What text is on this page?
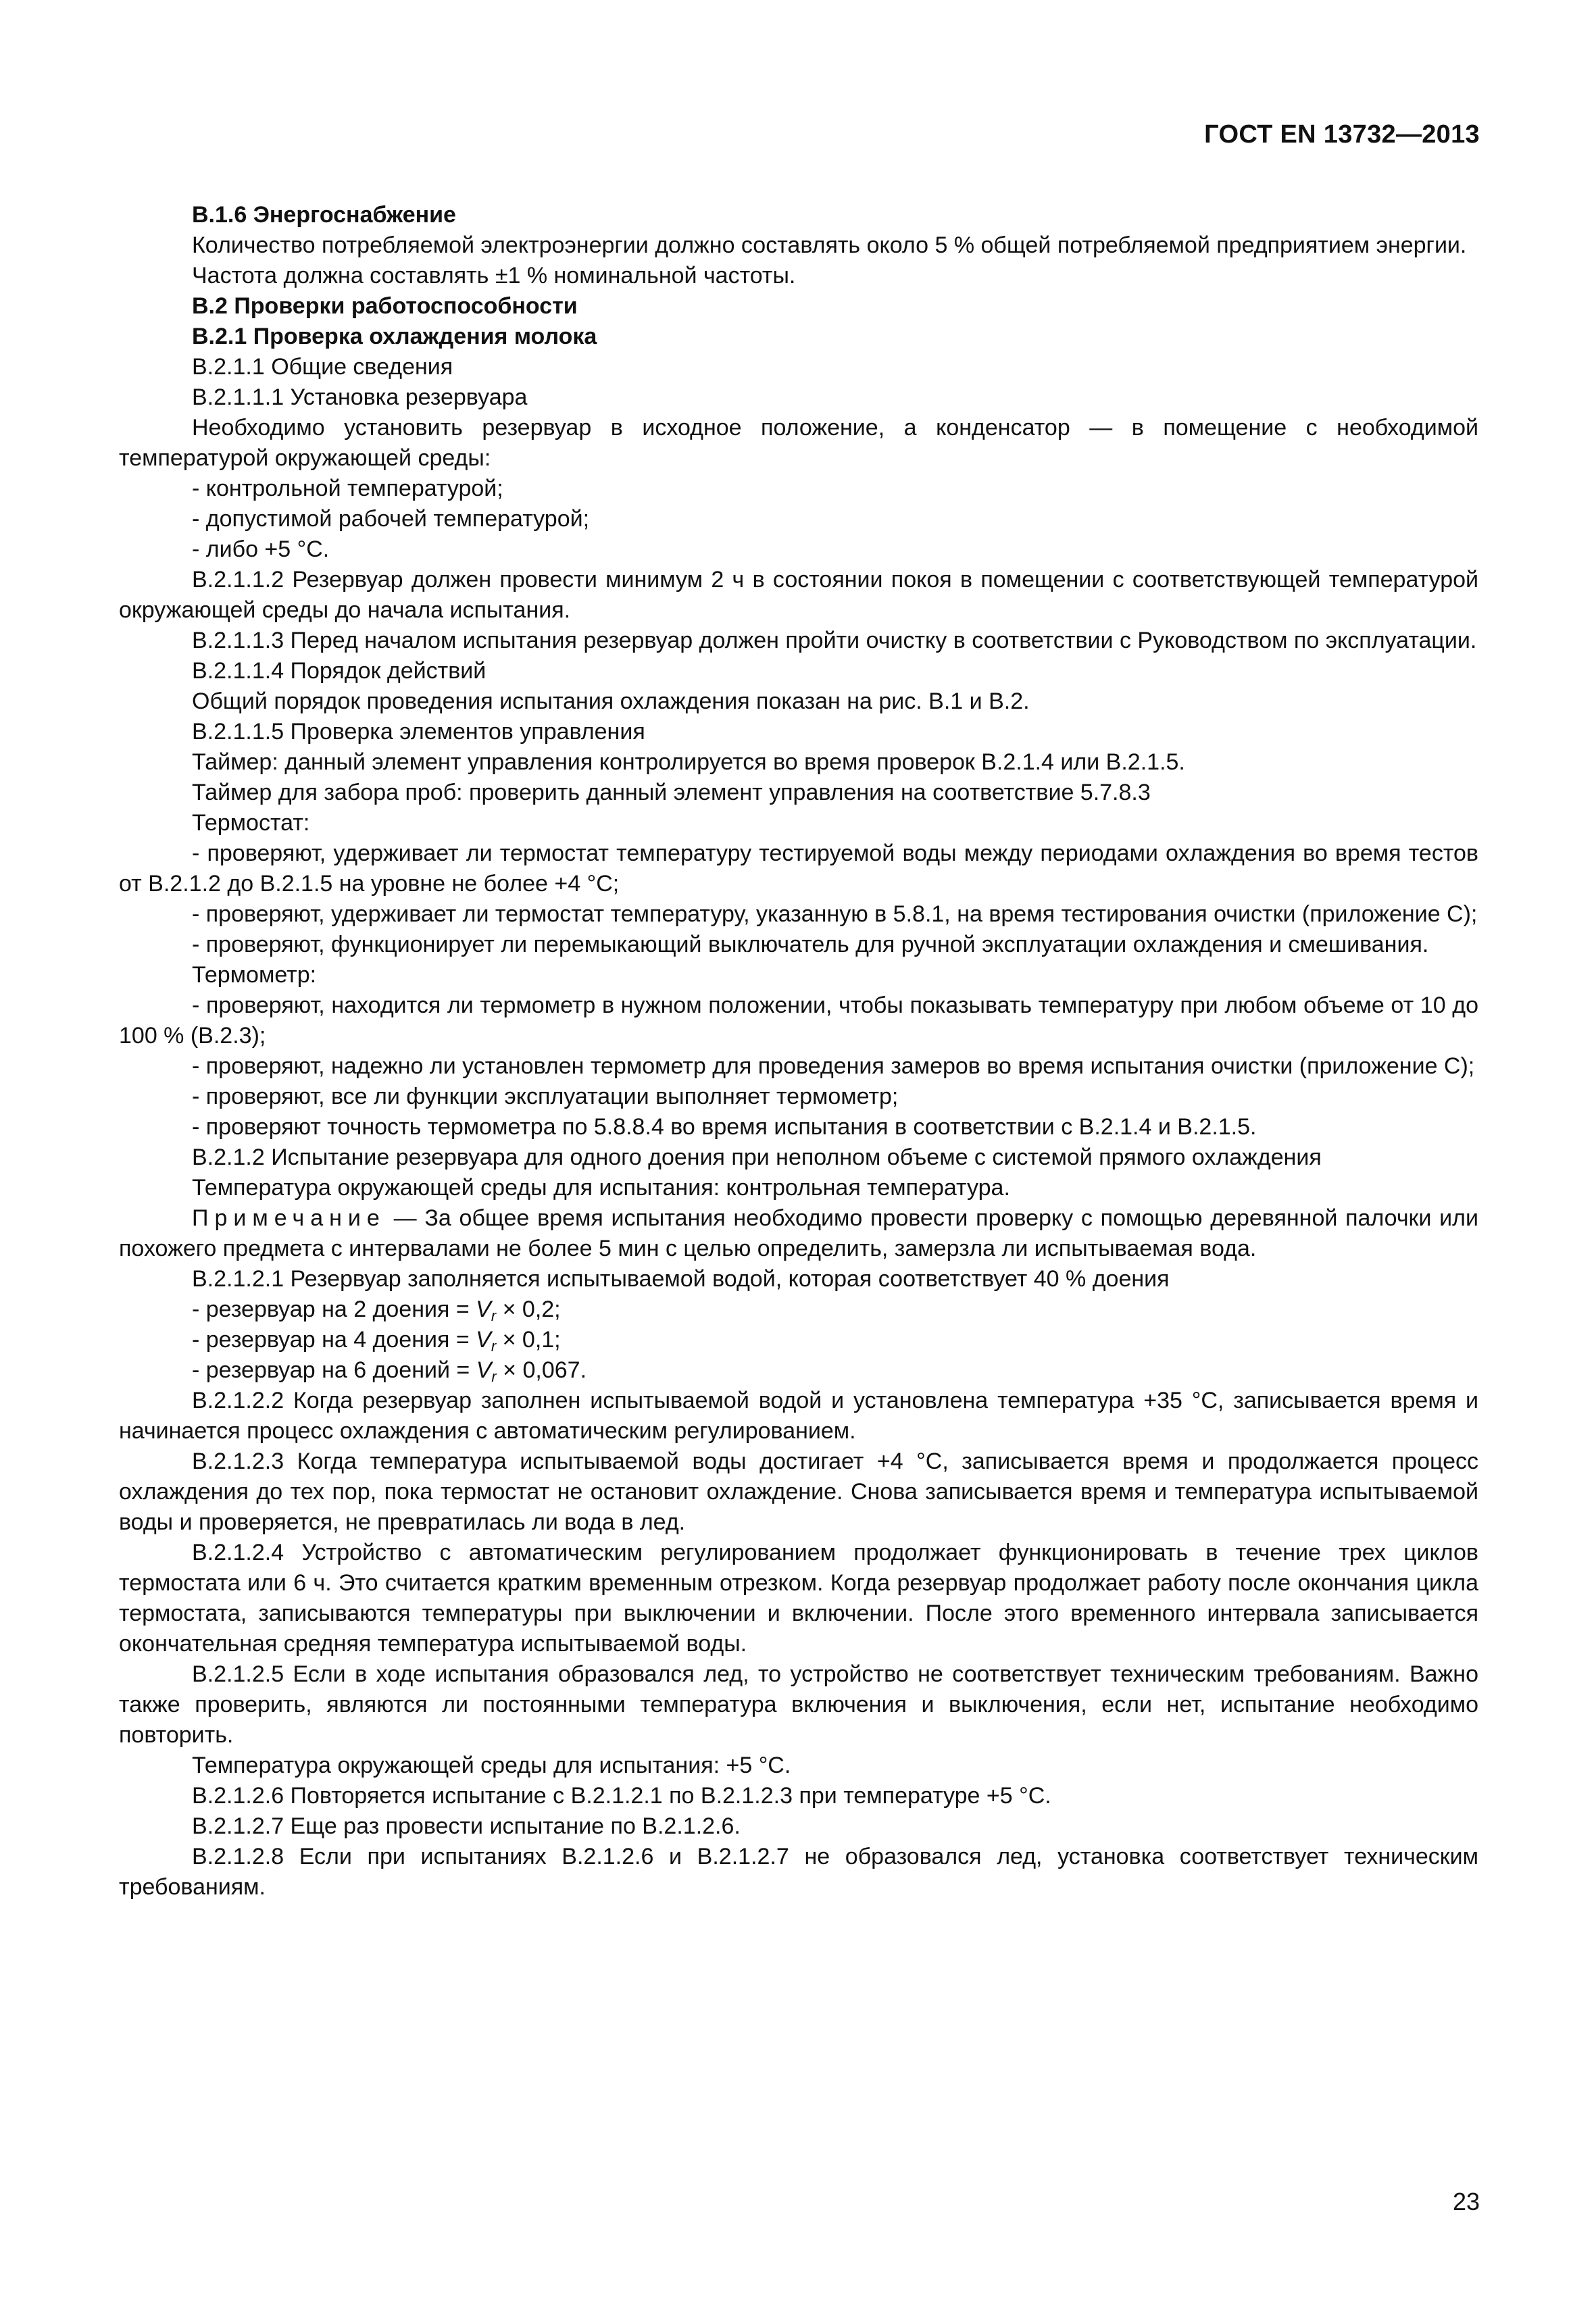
ГОСТ EN 13732—2013

В.1.6 Энергоснабжение

Количество потребляемой электроэнергии должно составлять около 5 % общей потребляемой предприятием энергии.

Частота должна составлять ±1 % номинальной частоты.

В.2 Проверки работоспособности

В.2.1 Проверка охлаждения молока

В.2.1.1 Общие сведения

В.2.1.1.1 Установка резервуара

Необходимо установить резервуар в исходное положение, а конденсатор — в помещение с необходимой температурой окружающей среды:

- контрольной температурой;

- допустимой рабочей температурой;

- либо +5 °С.

В.2.1.1.2 Резервуар должен провести минимум 2 ч в состоянии покоя в помещении с соответствующей температурой окружающей среды до начала испытания.

В.2.1.1.3 Перед началом испытания резервуар должен пройти очистку в соответствии с Руководством по эксплуатации.

В.2.1.1.4 Порядок действий

Общий порядок проведения испытания охлаждения показан на рис. В.1 и В.2.

В.2.1.1.5 Проверка элементов управления

Таймер: данный элемент управления контролируется во время проверок В.2.1.4 или В.2.1.5.

Таймер для забора проб: проверить данный элемент управления на соответствие 5.7.8.3

Термостат:

- проверяют, удерживает ли термостат температуру тестируемой воды между периодами охлаждения во время тестов от В.2.1.2 до В.2.1.5 на уровне не более +4 °С;

- проверяют, удерживает ли термостат температуру, указанную в 5.8.1, на время тестирования очистки (приложение С);

- проверяют, функционирует ли перемыкающий выключатель для ручной эксплуатации охлаждения и смешивания.

Термометр:

- проверяют, находится ли термометр в нужном положении, чтобы показывать температуру при любом объеме от 10 до 100 % (В.2.3);

- проверяют, надежно ли установлен термометр для проведения замеров во время испытания очистки (приложение С);

- проверяют, все ли функции эксплуатации выполняет термометр;

- проверяют точность термометра по 5.8.8.4 во время испытания в соответствии с В.2.1.4 и В.2.1.5.

В.2.1.2 Испытание резервуара для одного доения при неполном объеме с системой прямого охлаждения

Температура окружающей среды для испытания: контрольная температура.

Примечание — За общее время испытания необходимо провести проверку с помощью деревянной палочки или похожего предмета с интервалами не более 5 мин с целью определить, замерзла ли испытываемая вода.

В.2.1.2.1 Резервуар заполняется испытываемой водой, которая соответствует 40 % доения

- резервуар на 2 доения = $V_r \times 0,2$;

- резервуар на 4 доения = $V_r \times 0,1$;

- резервуар на 6 доений = $V_r \times 0,067$.

В.2.1.2.2 Когда резервуар заполнен испытываемой водой и установлена температура +35 °С, записывается время и начинается процесс охлаждения с автоматическим регулированием.

В.2.1.2.3 Когда температура испытываемой воды достигает +4 °С, записывается время и продолжается процесс охлаждения до тех пор, пока термостат не остановит охлаждение. Снова записывается время и температура испытываемой воды и проверяется, не превратилась ли вода в лед.

В.2.1.2.4 Устройство с автоматическим регулированием продолжает функционировать в течение трех циклов термостата или 6 ч. Это считается кратким временным отрезком. Когда резервуар продолжает работу после окончания цикла термостата, записываются температуры при выключении и включении. После этого временного интервала записывается окончательная средняя температура испытываемой воды.

В.2.1.2.5 Если в ходе испытания образовался лед, то устройство не соответствует техническим требованиям. Важно также проверить, являются ли постоянными температура включения и выключения, если нет, испытание необходимо повторить.

Температура окружающей среды для испытания: +5 °С.

В.2.1.2.6 Повторяется испытание с В.2.1.2.1 по В.2.1.2.3 при температуре +5 °С.

В.2.1.2.7 Еще раз провести испытание по В.2.1.2.6.

В.2.1.2.8 Если при испытаниях В.2.1.2.6 и В.2.1.2.7 не образовался лед, установка соответствует техническим требованиям.

23
